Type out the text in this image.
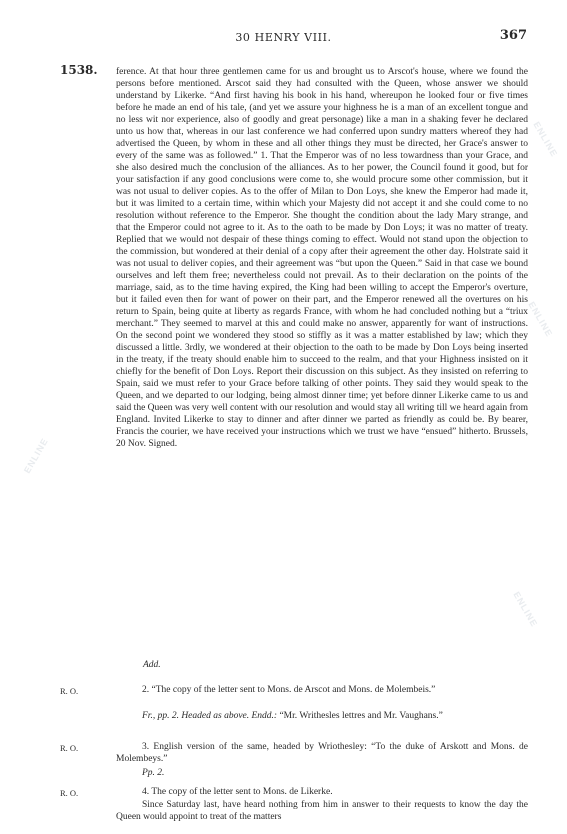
30 HENRY VIII.	367
1538.
ENLINE
ENLINE
ENLINE
ENLINE

ference. At that hour three gentlemen came for us and brought us to Arscot's house, where we found the persons before mentioned. Arscot said they had consulted with the Queen, whose answer we should understand by Likerke. “And first having his book in his hand, whereupon he looked four or five times before he made an end of his tale, (and yet we assure your highness he is a man of an excellent tongue and no less wit nor experience, also of goodly and great personage) like a man in a shaking fever he declared unto us how that, whereas in our last conference we had conferred upon sundry matters whereof they had advertised the Queen, by whom in these and all other things they must be directed, her Grace's answer to every of the same was as followed.” 1. That the Emperor was of no less towardness than your Grace, and she also desired much the conclusion of the alliances. As to her power, the Council found it good, but for your satisfaction if any good conclusions were come to, she would procure some other commission, but it was not usual to deliver copies. As to the offer of Milan to Don Loys, she knew the Emperor had made it, but it was limited to a certain time, within which your Majesty did not accept it and she could come to no resolution without reference to the Emperor. She thought the condition about the lady Mary strange, and that the Emperor could not agree to it. As to the oath to be made by Don Loys; it was no matter of treaty. Replied that we would not despair of these things coming to effect. Would not stand upon the objection to the commission, but wondered at their denial of a copy after their agreement the other day. Holstrate said it was not usual to deliver copies, and their agreement was “but upon the Queen.” Said in that case we bound ourselves and left them free; nevertheless could not prevail. As to their declaration on the points of the marriage, said, as to the time having expired, the King had been willing to accept the Emperor's overture, but it failed even then for want of power on their part, and the Emperor renewed all the overtures on his return to Spain, being quite at liberty as regards France, with whom he had concluded nothing but a “triux merchant.” They seemed to marvel at this and could make no answer, apparently for want of instructions. On the second point we wondered they stood so stiffly as it was a matter established by law; which they discussed a little. 3rdly, we wondered at their objection to the oath to be made by Don Loys being inserted in the treaty, if the treaty should enable him to succeed to the realm, and that your Highness insisted on it chiefly for the benefit of Don Loys. Report their discussion on this subject. As they insisted on referring to Spain, said we must refer to your Grace before talking of other points. They said they would speak to the Queen, and we departed to our lodging, being almost dinner time; yet before dinner Likerke came to us and said the Queen was very well content with our resolution and would stay all writing till we heard again from England. Invited Likerke to stay to dinner and after dinner we parted as friendly as could be. By bearer, Francis the courier, we have received your instructions which we trust we have “ensued” hitherto. Brussels, 20 Nov. Signed.

Add.
R. O.	2. “The copy of the letter sent to Mons. de Arscot and Mons. de Molembeis.”
Fr., pp. 2. Headed as above. Endd.: “Mr. Writhesles lettres and Mr. Vaughans.”
R. O.	3. English version of the same, headed by Wriothesley: “To the duke of Arskott and Mons. de Molembeys.”
Pp. 2.
R. O.	4. The copy of the letter sent to Mons. de Likerke.
Since Saturday last, have heard nothing from him in answer to their requests to know the day the Queen would appoint to treat of the matters
